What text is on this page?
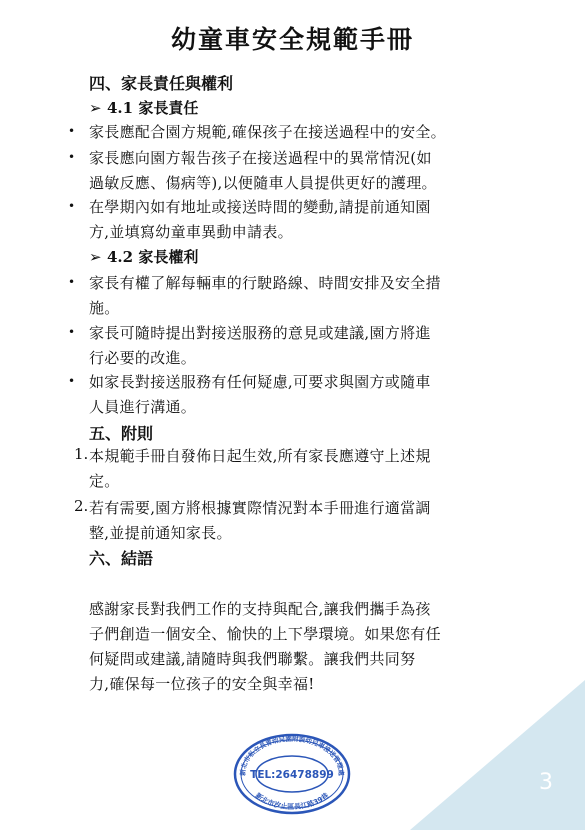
幼童車安全規範手冊
四、家長責任與權利
➢ 4.1 家長責任
• 家長應配合園方規範,確保孩子在接送過程中的安全。
• 家長應向園方報告孩子在接送過程中的異常情況(如
過敏反應、傷病等),以便隨車人員提供更好的護理。
• 在學期內如有地址或接送時間的變動,請提前通知園
方,並填寫幼童車異動申請表。
➢ 4.2 家長權利
• 家長有權了解每輛車的行駛路線、時間安排及安全措
施。
• 家長可隨時提出對接送服務的意見或建議,園方將進
行必要的改進。
• 如家長對接送服務有任何疑慮,可要求與園方或隨車
人員進行溝通。
五、附則
1. 本規範手冊自發佈日起生效,所有家長應遵守上述規
定。
2. 若有需要,園方將根據實際情況對本手冊進行適當調
整,並提前通知家長。
六、結語
感謝家長對我們工作的支持與配合,讓我們攜手為孩
子們創造一個安全、愉快的上下學環境。如果您有任
何疑問或建議,請隨時與我們聯繫。讓我們共同努
力,確保每一位孩子的安全與幸福!
新北市私立長青幼兒園附設幼兒車接送管理處
新北市汐止區長江路39巷
TEL:26478899	3
